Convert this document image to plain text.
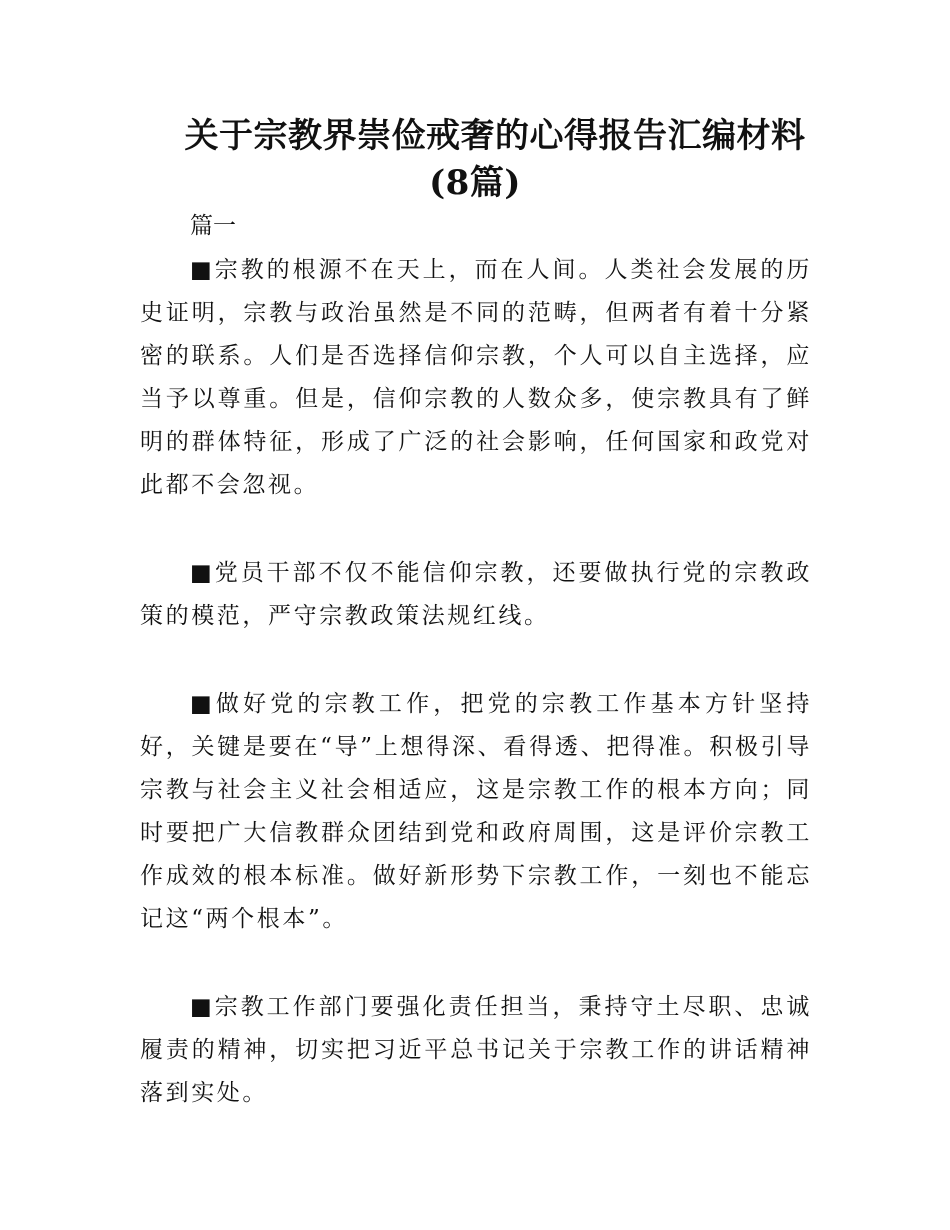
关于宗教界崇俭戒奢的心得报告汇编材料
(8篇)
篇一

■宗教的根源不在天上，而在人间。人类社会发展的历史证明，宗教与政治虽然是不同的范畴，但两者有着十分紧密的联系。人们是否选择信仰宗教，个人可以自主选择，应当予以尊重。但是，信仰宗教的人数众多，使宗教具有了鲜明的群体特征，形成了广泛的社会影响，任何国家和政党对此都不会忽视。

■党员干部不仅不能信仰宗教，还要做执行党的宗教政策的模范，严守宗教政策法规红线。

■做好党的宗教工作，把党的宗教工作基本方针坚持好，关键是要在“导”上想得深、看得透、把得准。积极引导宗教与社会主义社会相适应，这是宗教工作的根本方向；同时要把广大信教群众团结到党和政府周围，这是评价宗教工作成效的根本标准。做好新形势下宗教工作，一刻也不能忘记这“两个根本”。

■宗教工作部门要强化责任担当，秉持守土尽职、忠诚履责的精神，切实把习近平总书记关于宗教工作的讲话精神落到实处。
